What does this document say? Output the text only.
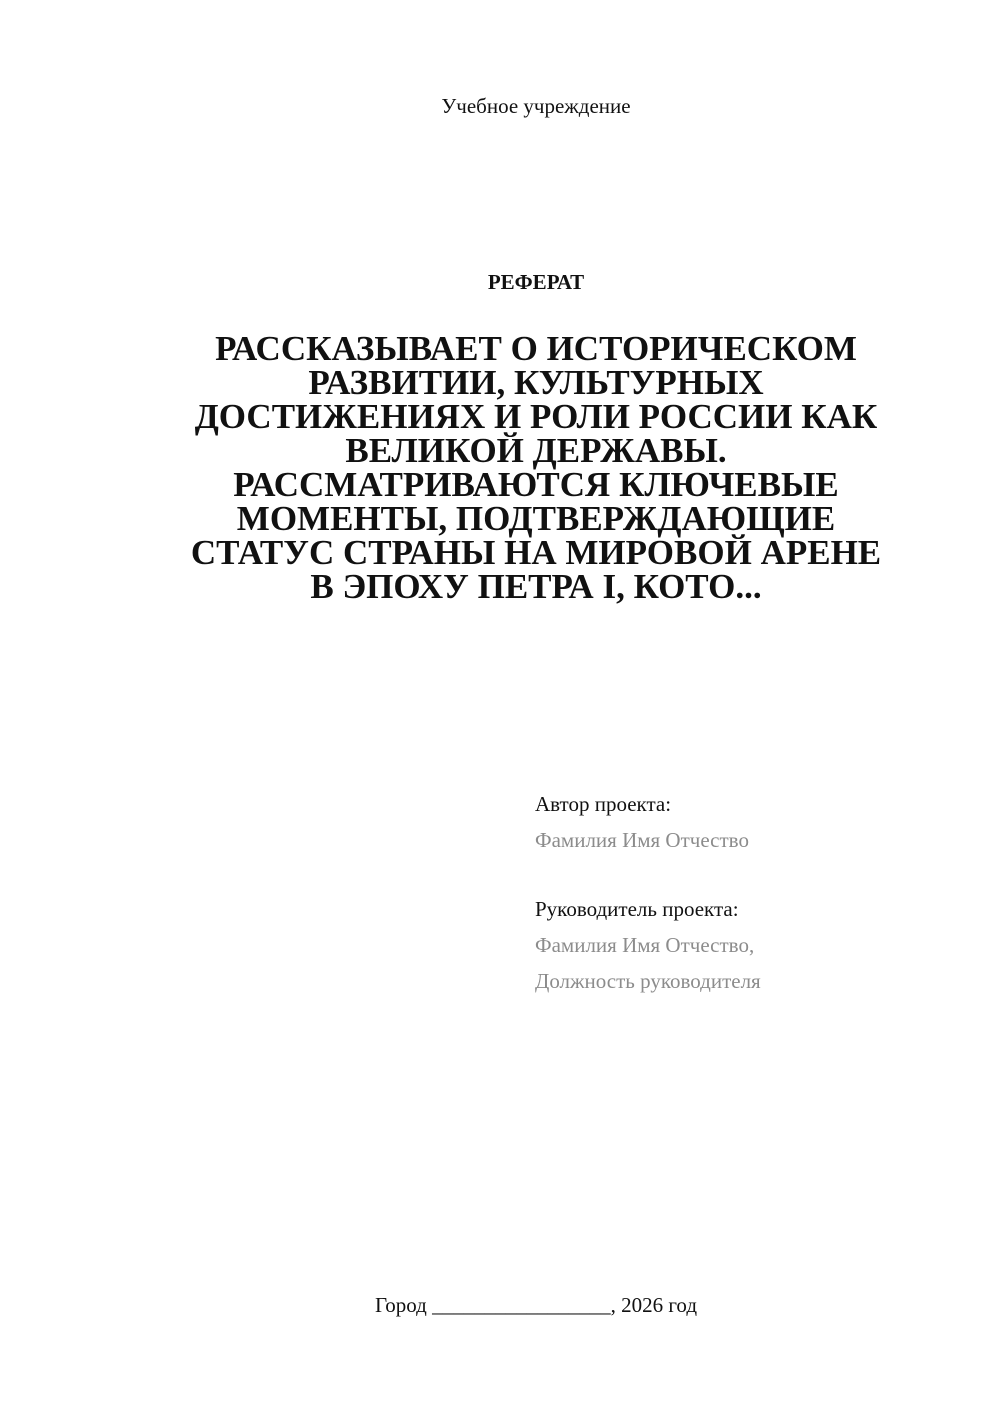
Учебное учреждение
РЕФЕРАТ
РАССКАЗЫВАЕТ О ИСТОРИЧЕСКОМ
РАЗВИТИИ, КУЛЬТУРНЫХ
ДОСТИЖЕНИЯХ И РОЛИ РОССИИ КАК
ВЕЛИКОЙ ДЕРЖАВЫ.
РАССМАТРИВАЮТСЯ КЛЮЧЕВЫЕ
МОМЕНТЫ, ПОДТВЕРЖДАЮЩИЕ
СТАТУС СТРАНЫ НА МИРОВОЙ АРЕНЕ
В ЭПОХУ ПЕТРА I, КОТО...
Автор проекта:
Фамилия Имя Отчество
Руководитель проекта:
Фамилия Имя Отчество,
Должность руководителя
Город _________________, 2026 год
